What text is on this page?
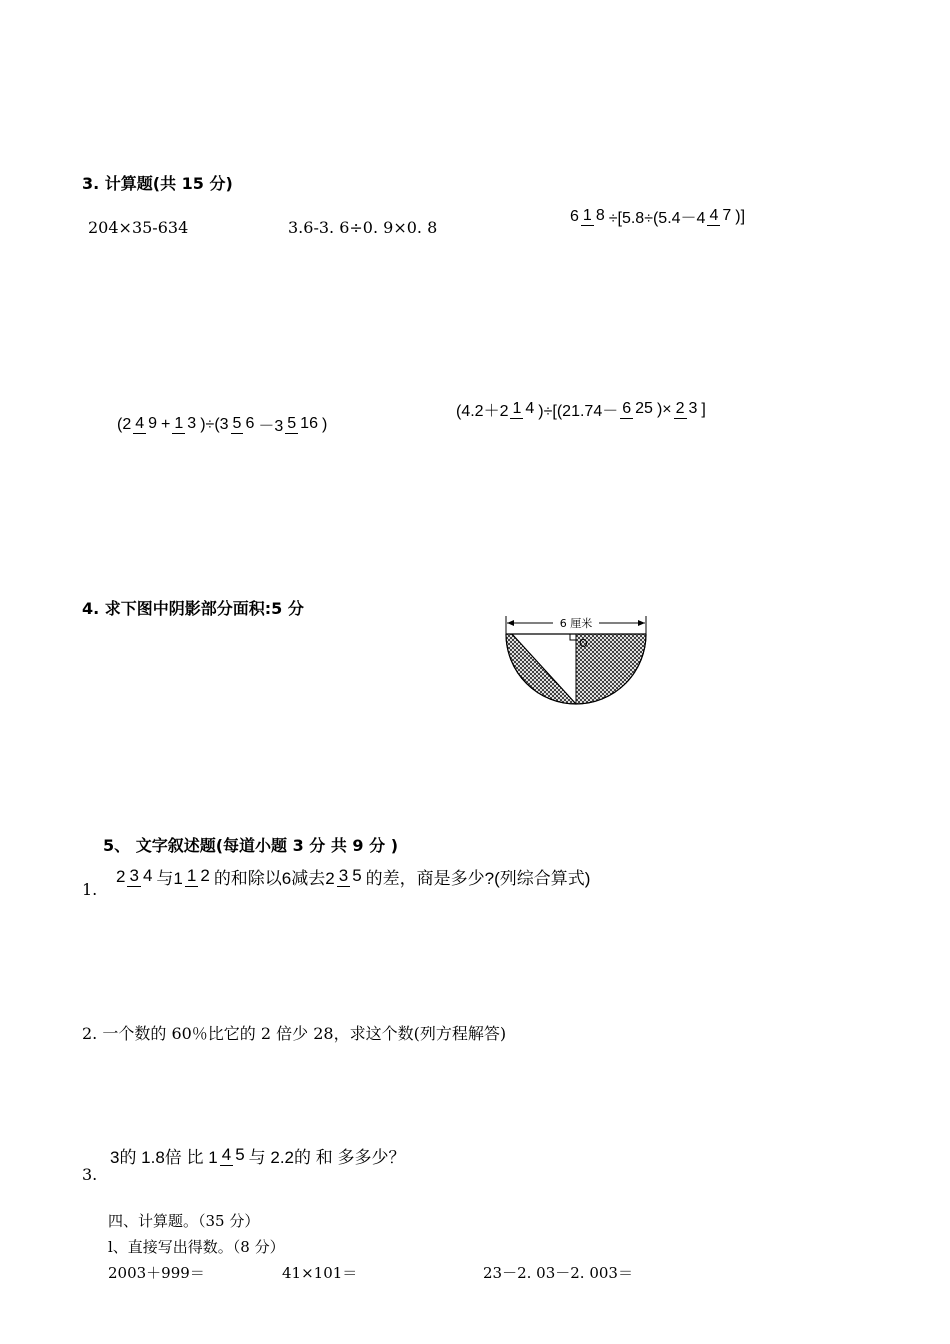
3. 计算题(共 15 分)
204×35-634	3.6-3. 6÷0. 9×0. 8
6 1 8 ÷[5.8÷(5.4－4 4 7 )]
(2 4 9 + 1 3 )÷(3 5 6 －3 5 16 )
(4.2＋2 1 4 )÷[(21.74－ 6 25 )× 2 3 ]
4. 求下图中阴影部分面积:5 分
6 厘米
O
5、 文字叙述题(每道小题 3 分 共 9 分 )
1.
2 3 4 与1 1 2 的和除以6减去2 3 5 的差，商是多少?(列综合算式)
2. 一个数的 60％比它的 2 倍少 28，求这个数(列方程解答)
3.
3的 1.8倍 比 1 4 5 与 2.2的 和 多多少？
四、计算题。（35 分）
l、直接写出得数。（8 分）
2003＋999＝	41×101＝	23－2. 03－2. 003＝
